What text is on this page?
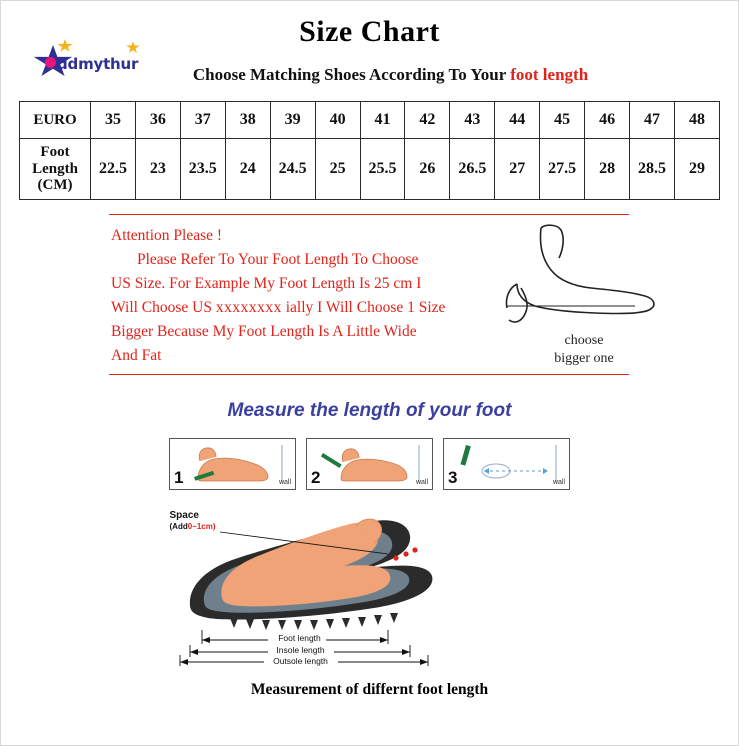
Size Chart
ddmythur
Choose Matching Shoes According To Your foot length
EURO	35	36	37	38	39	40	41	42	43	44	45	46	47	48
Foot
Length
(CM)	22.5	23	23.5	24	24.5	25	25.5	26	26.5	27	27.5	28	28.5	29
Attention Please !
Please Refer To Your Foot Length To Choose
US Size. For Example My Foot Length Is 25 cm I
Will Choose US xxxxxxxx ially I Will Choose 1 Size
Bigger Because My Foot Length Is A Little Wide
And Fat
choose
bigger one
Measure the length of your foot
1	wall 2	wall 3	wall
Space
(Add0~1cm)
Foot length
Insole length
Outsole length
Measurement of differnt foot length
